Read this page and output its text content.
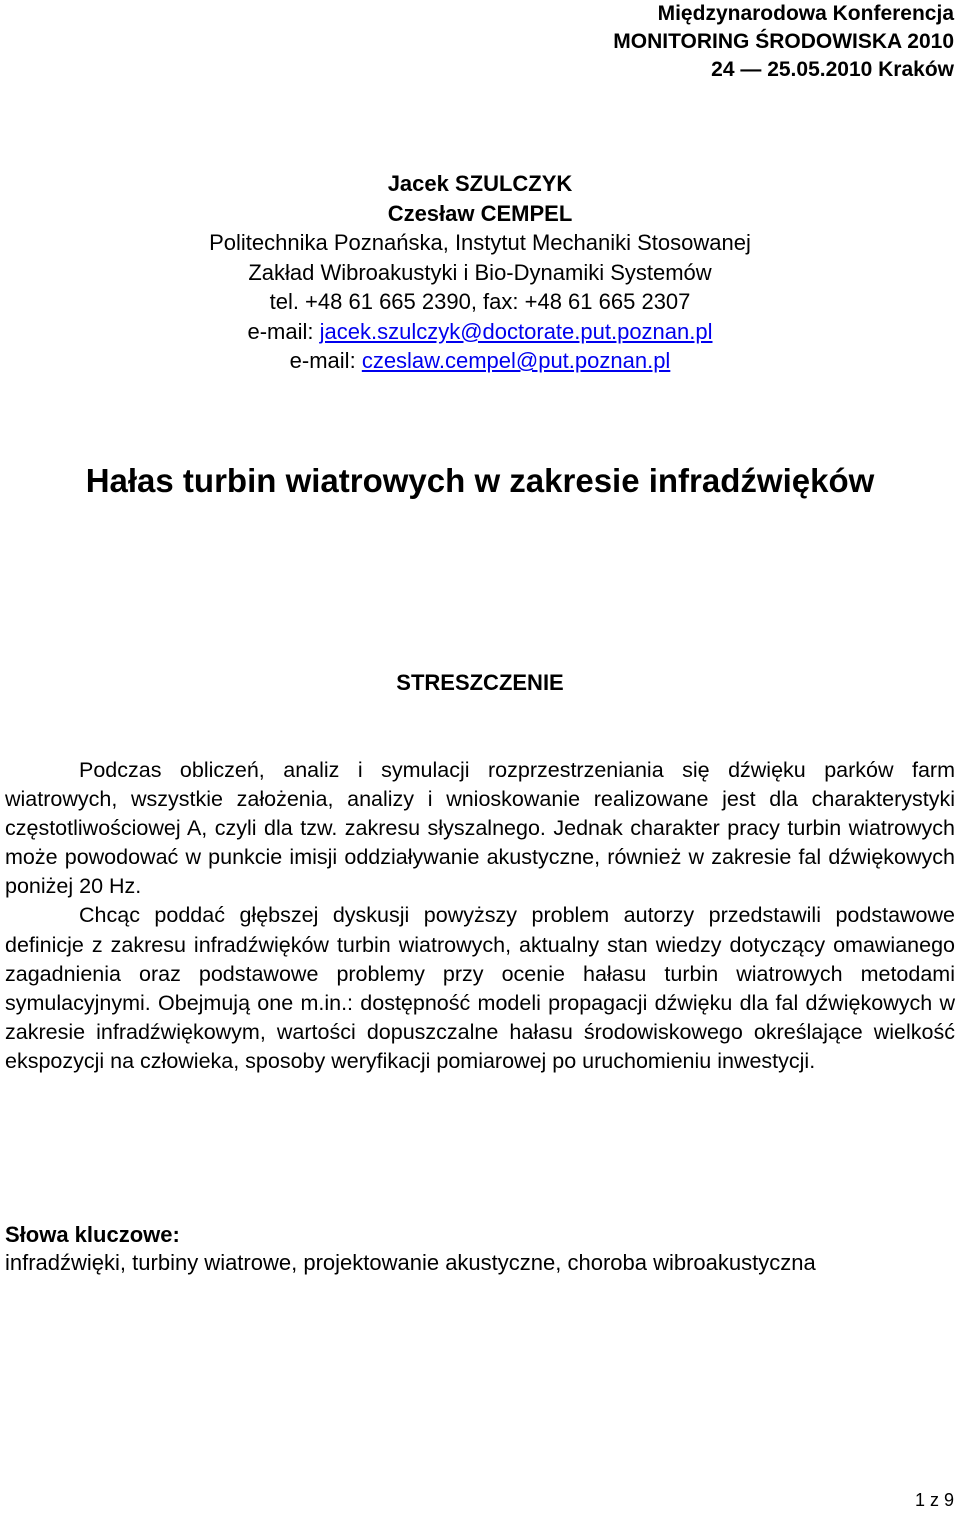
Międzynarodowa Konferencja
MONITORING ŚRODOWISKA 2010
24 — 25.05.2010 Kraków
Jacek SZULCZYK
Czesław CEMPEL
Politechnika Poznańska, Instytut Mechaniki Stosowanej
Zakład Wibroakustyki i Bio-Dynamiki Systemów
tel. +48 61 665 2390, fax: +48 61 665 2307
e-mail: jacek.szulczyk@doctorate.put.poznan.pl
e-mail: czeslaw.cempel@put.poznan.pl
Hałas turbin wiatrowych w zakresie infradźwięków
STRESZCZENIE

Podczas obliczeń, analiz i symulacji rozprzestrzeniania się dźwięku parków farm wiatrowych, wszystkie założenia, analizy i wnioskowanie realizowane jest dla charakterystyki częstotliwościowej A, czyli dla tzw. zakresu słyszalnego. Jednak charakter pracy turbin wiatrowych może powodować w punkcie imisji oddziaływanie akustyczne, również w zakresie fal dźwiękowych poniżej 20 Hz.

Chcąc poddać głębszej dyskusji powyższy problem autorzy przedstawili podstawowe definicje z zakresu infradźwięków turbin wiatrowych, aktualny stan wiedzy dotyczący omawianego zagadnienia oraz podstawowe problemy przy ocenie hałasu turbin wiatrowych metodami symulacyjnymi. Obejmują one m.in.: dostępność modeli propagacji dźwięku dla fal dźwiękowych w zakresie infradźwiękowym, wartości dopuszczalne hałasu środowiskowego określające wielkość ekspozycji na człowieka, sposoby weryfikacji pomiarowej po uruchomieniu inwestycji.

Słowa kluczowe:
infradźwięki, turbiny wiatrowe, projektowanie akustyczne, choroba wibroakustyczna
1 z 9
